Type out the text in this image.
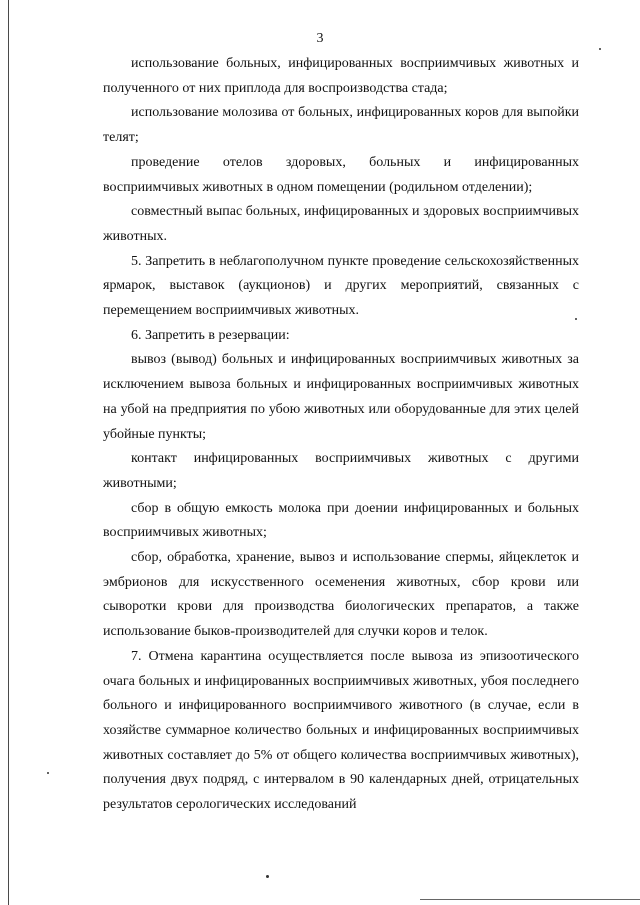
3

использование больных, инфицированных восприимчивых животных и полученного от них приплода для воспроизводства стада;

использование молозива от больных, инфицированных коров для выпойки телят;

проведение отелов здоровых, больных и инфицированных восприимчивых животных в одном помещении (родильном отделении);

совместный выпас больных, инфицированных и здоровых восприимчивых животных.

5. Запретить в неблагополучном пункте проведение сельскохозяйственных ярмарок, выставок (аукционов) и других мероприятий, связанных с перемещением восприимчивых животных.

6. Запретить в резервации:

вывоз (вывод) больных и инфицированных восприимчивых животных за исключением вывоза больных и инфицированных восприимчивых животных на убой на предприятия по убою животных или оборудованные для этих целей убойные пункты;

контакт инфицированных восприимчивых животных с другими животными;

сбор в общую емкость молока при доении инфицированных и больных восприимчивых животных;

сбор, обработка, хранение, вывоз и использование спермы, яйцеклеток и эмбрионов для искусственного осеменения животных, сбор крови или сыворотки крови для производства биологических препаратов, а также использование быков-производителей для случки коров и телок.

7. Отмена карантина осуществляется после вывоза из эпизоотического очага больных и инфицированных восприимчивых животных, убоя последнего больного и инфицированного восприимчивого животного (в случае, если в хозяйстве суммарное количество больных и инфицированных восприимчивых животных составляет до 5% от общего количества восприимчивых животных), получения двух подряд, с интервалом в 90 календарных дней, отрицательных результатов серологических исследований
